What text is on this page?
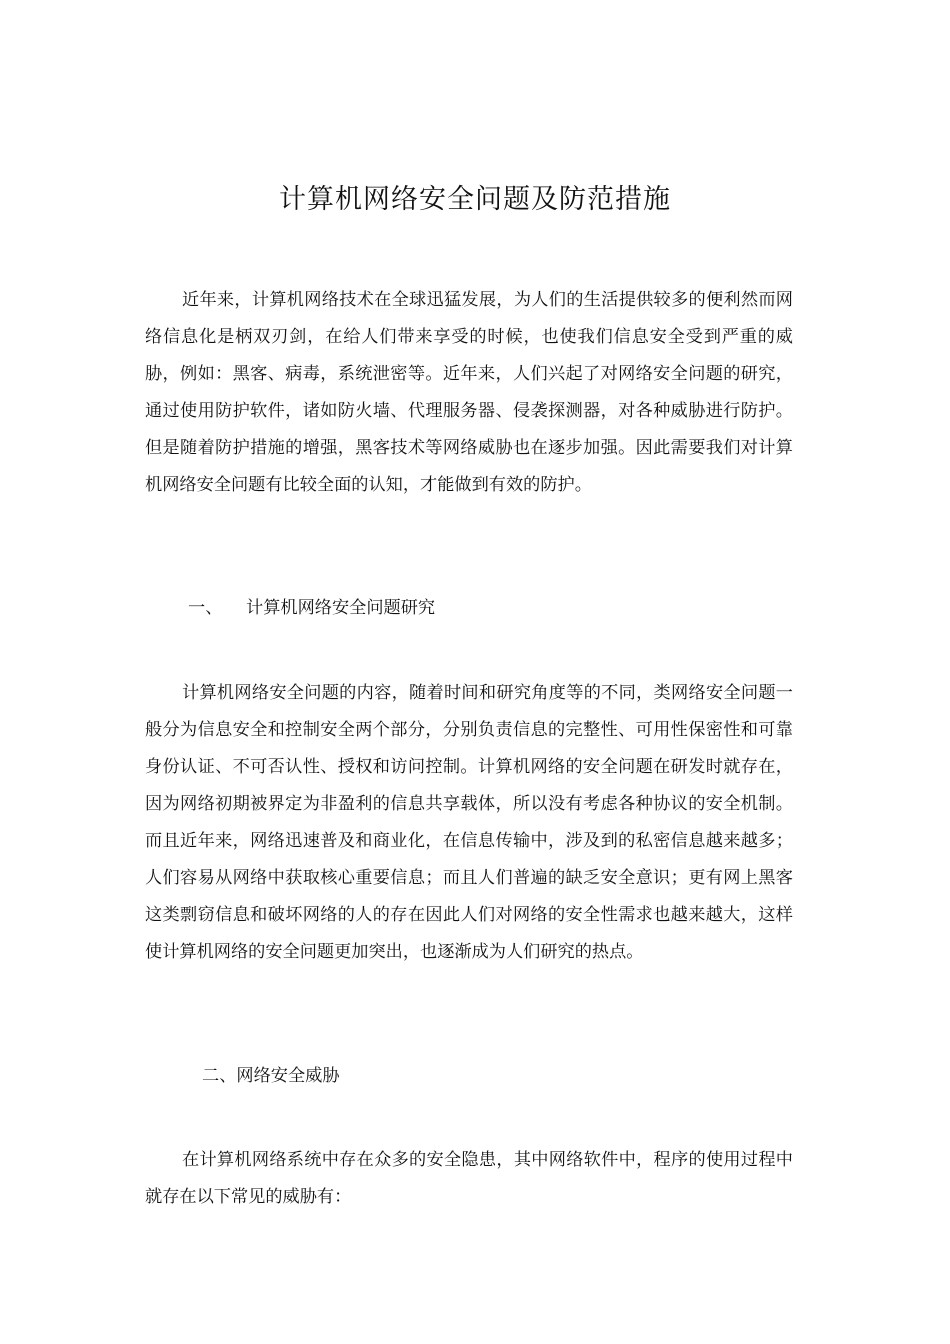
计算机网络安全问题及防范措施

近年来，计算机网络技术在全球迅猛发展，为人们的生活提供较多的便利然而网络信息化是柄双刃剑，在给人们带来享受的时候，也使我们信息安全受到严重的威胁，例如：黑客、病毒，系统泄密等。近年来，人们兴起了对网络安全问题的研究，通过使用防护软件，诸如防火墙、代理服务器、侵袭探测器，对各种威胁进行防护。但是随着防护措施的增强，黑客技术等网络威胁也在逐步加强。因此需要我们对计算机网络安全问题有比较全面的认知，才能做到有效的防护。

一、 计算机网络安全问题研究

计算机网络安全问题的内容，随着时间和研究角度等的不同，类网络安全问题一般分为信息安全和控制安全两个部分，分别负责信息的完整性、可用性保密性和可靠身份认证、不可否认性、授权和访问控制。计算机网络的安全问题在研发时就存在，因为网络初期被界定为非盈利的信息共享载体，所以没有考虑各种协议的安全机制。而且近年来，网络迅速普及和商业化，在信息传输中，涉及到的私密信息越来越多；人们容易从网络中获取核心重要信息；而且人们普遍的缺乏安全意识；更有网上黑客这类剽窃信息和破坏网络的人的存在因此人们对网络的安全性需求也越来越大，这样使计算机网络的安全问题更加突出，也逐渐成为人们研究的热点。

二、网络安全威胁

在计算机网络系统中存在众多的安全隐患，其中网络软件中，程序的使用过程中就存在以下常见的威胁有：
